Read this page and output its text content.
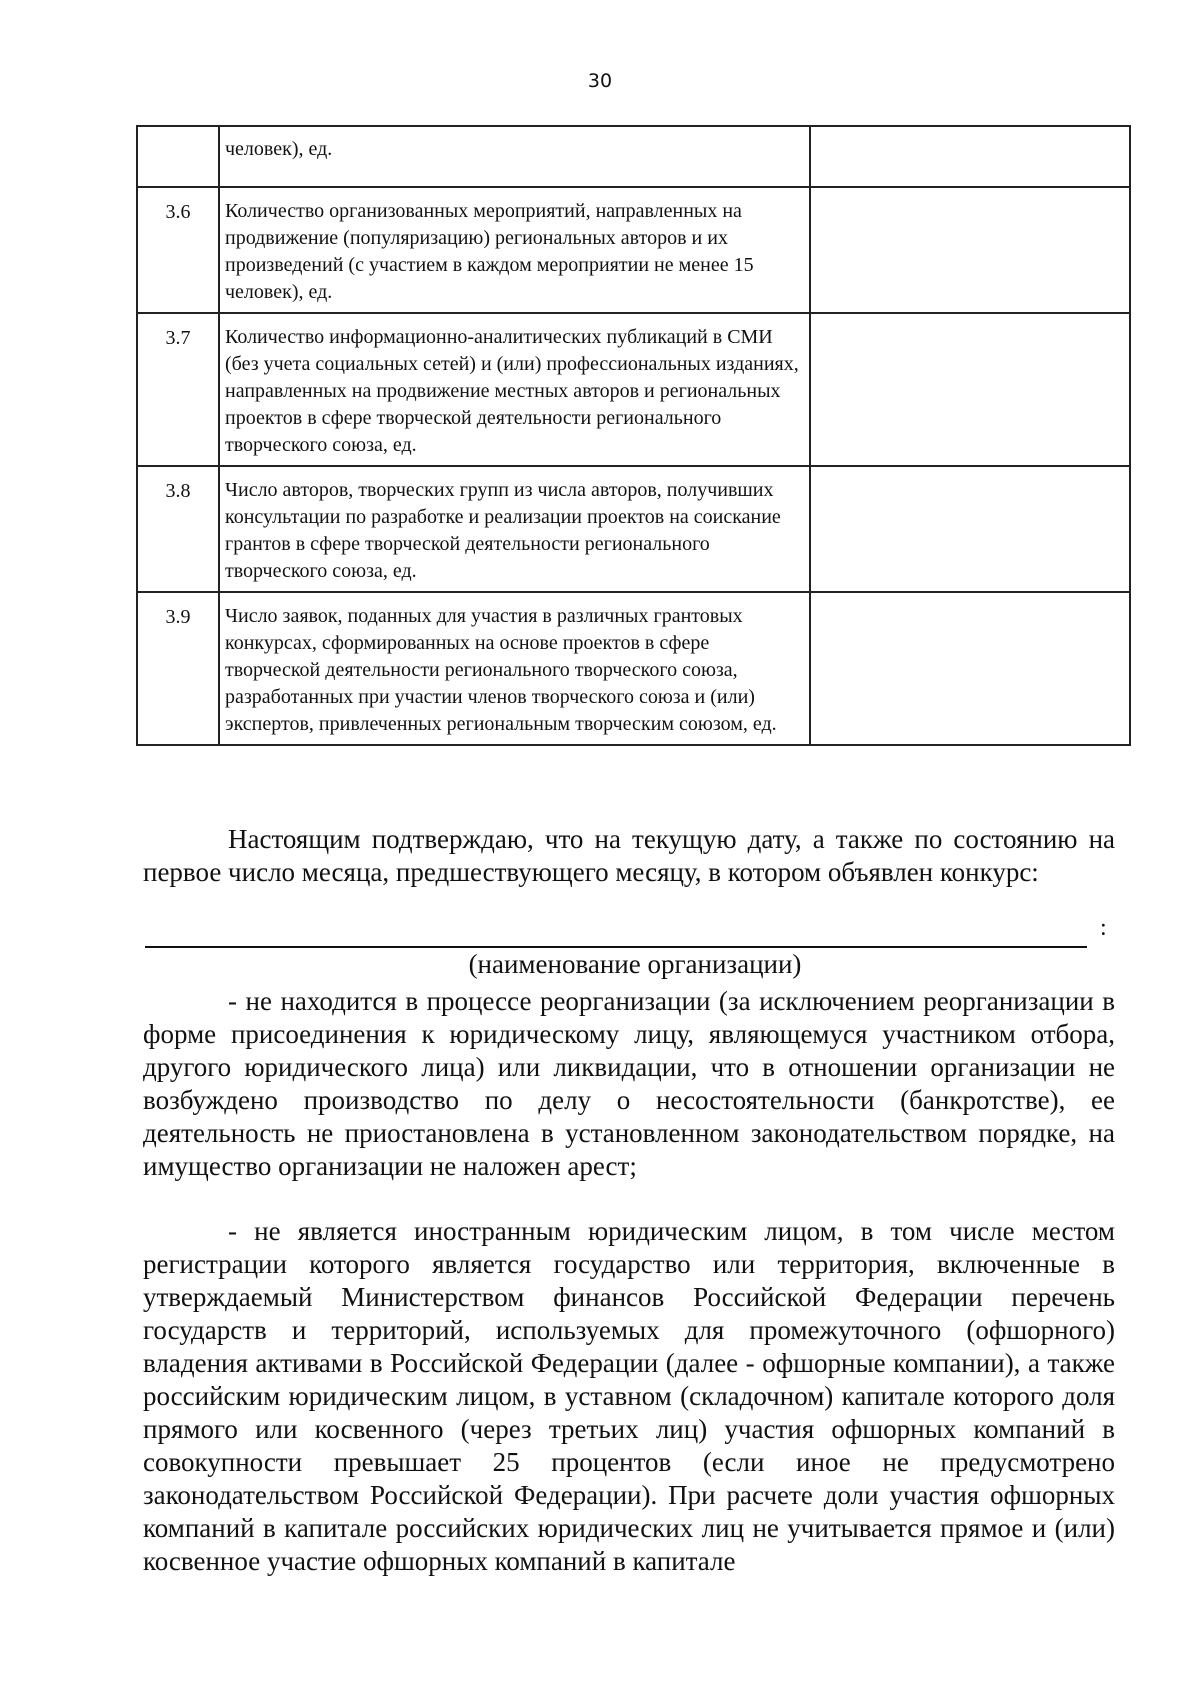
30
	человек), ед.	
3.6	Количество организованных мероприятий, направленных на продвижение (популяризацию) региональных авторов и их произведений (с участием в каждом мероприятии не менее 15 человек), ед.	
3.7	Количество информационно-аналитических публикаций в СМИ (без учета социальных сетей) и (или) профессиональных изданиях, направленных на продвижение местных авторов и региональных проектов в сфере творческой деятельности регионального творческого союза, ед.	
3.8	Число авторов, творческих групп из числа авторов, получивших консультации по разработке и реализации проектов на соискание грантов в сфере творческой деятельности регионального творческого союза, ед.	
3.9	Число заявок, поданных для участия в различных грантовых конкурсах, сформированных на основе проектов в сфере творческой деятельности регионального творческого союза, разработанных при участии членов творческого союза и (или) экспертов, привлеченных региональным творческим союзом, ед.	
Настоящим подтверждаю, что на текущую дату, а также по состоянию на первое число месяца, предшествующего месяцу, в котором объявлен конкурс:
:
(наименование организации)
- не находится в процессе реорганизации (за исключением реорганизации в форме присоединения к юридическому лицу, являющемуся участником отбора, другого юридического лица) или ликвидации, что в отношении организации не возбуждено производство по делу о несостоятельности (банкротстве), ее деятельность не приостановлена в установленном законодательством порядке, на имущество организации не наложен арест;
- не является иностранным юридическим лицом, в том числе местом регистрации которого является государство или территория, включенные в утверждаемый Министерством финансов Российской Федерации перечень государств и территорий, используемых для промежуточного (офшорного) владения активами в Российской Федерации (далее - офшорные компании), а также российским юридическим лицом, в уставном (складочном) капитале которого доля прямого или косвенного (через третьих лиц) участия офшорных компаний в совокупности превышает 25 процентов (если иное не предусмотрено законодательством Российской Федерации). При расчете доли участия офшорных компаний в капитале российских юридических лиц не учитывается прямое и (или) косвенное участие офшорных компаний в капитале
